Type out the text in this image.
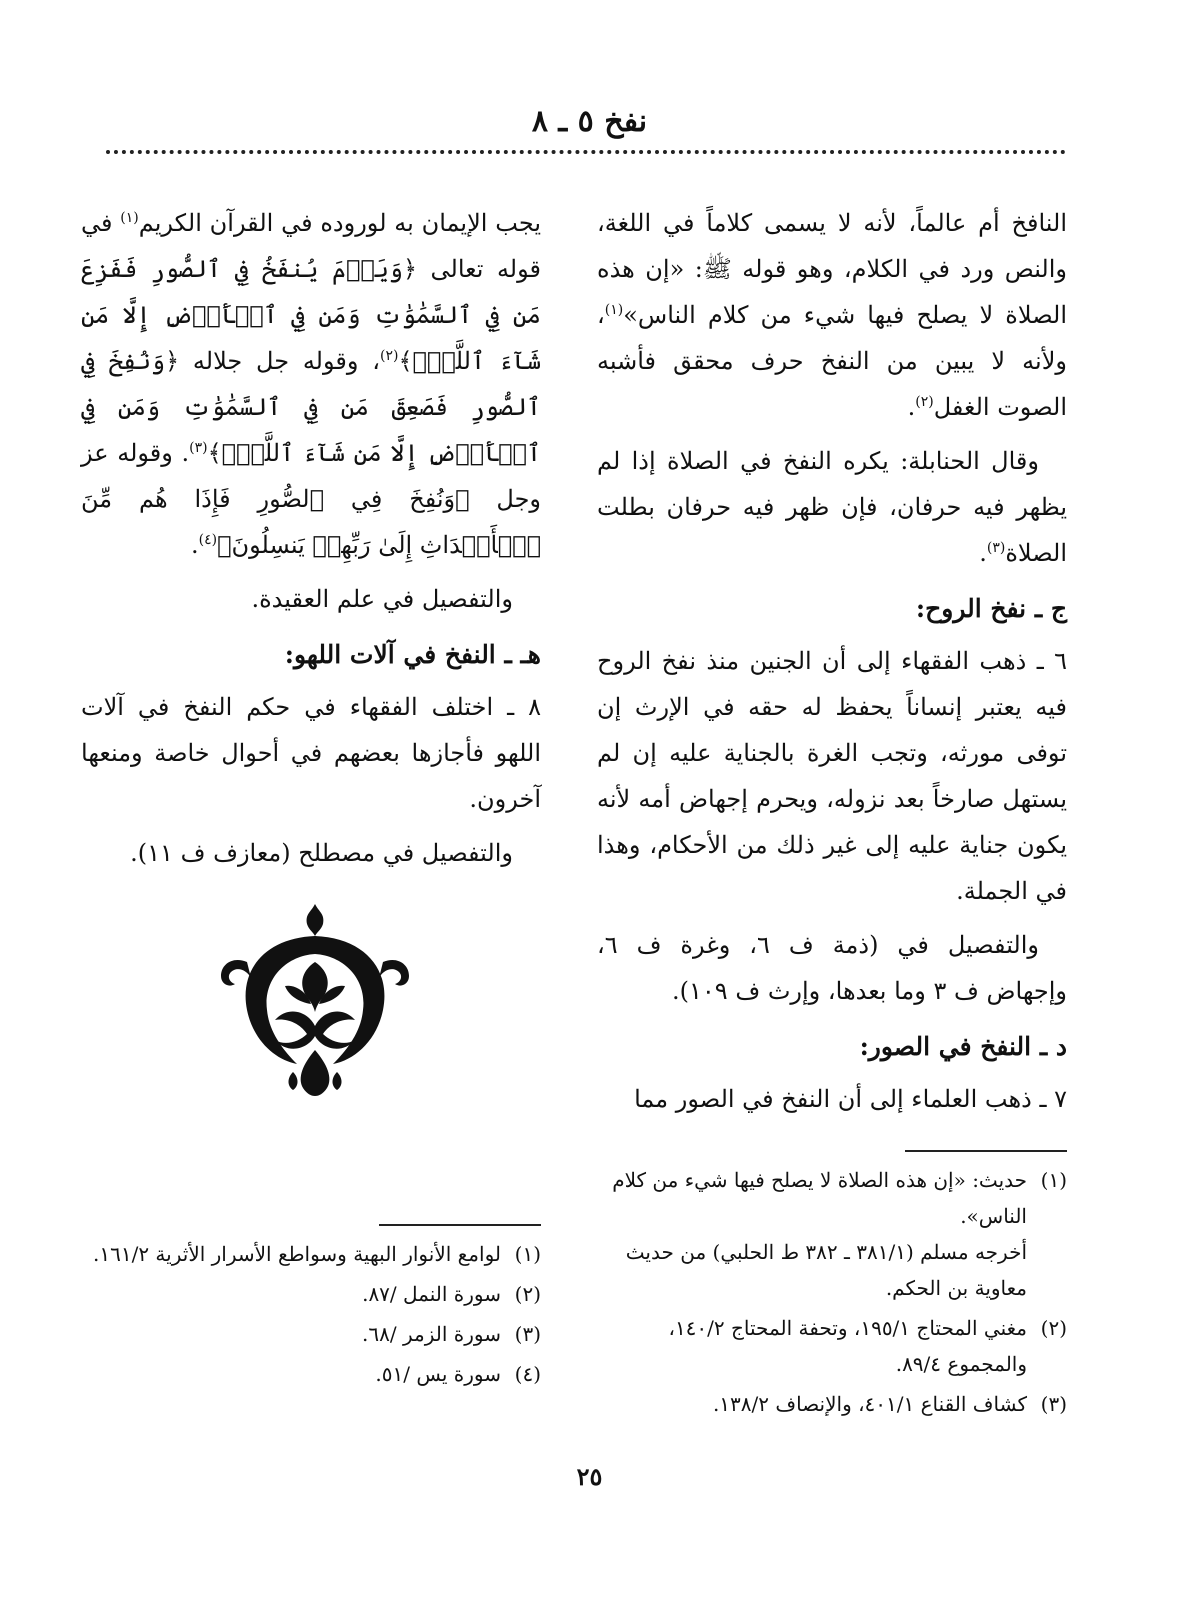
نفخ ٥ ـ ٨

النافخ أم عالماً، لأنه لا يسمى كلاماً في اللغة، والنص ورد في الكلام، وهو قوله ﷺ: «إن هذه الصلاة لا يصلح فيها شيء من كلام الناس»$^{(١)}$، ولأنه لا يبين من النفخ حرف محقق فأشبه الصوت الغفل$^{(٢)}$.

وقال الحنابلة: يكره النفخ في الصلاة إذا لم يظهر فيه حرفان، فإن ظهر فيه حرفان بطلت الصلاة$^{(٣)}$.

ج ـ نفخ الروح:

٦ ـ ذهب الفقهاء إلى أن الجنين منذ نفخ الروح فيه يعتبر إنساناً يحفظ له حقه في الإرث إن توفى مورثه، وتجب الغرة بالجناية عليه إن لم يستهل صارخاً بعد نزوله، ويحرم إجهاض أمه لأنه يكون جناية عليه إلى غير ذلك من الأحكام، وهذا في الجملة.

والتفصيل في (ذمة ف ٦، وغرة ف ٦، وإجهاض ف ٣ وما بعدها، وإرث ف ١٠٩).

د ـ النفخ في الصور:

٧ ـ ذهب العلماء إلى أن النفخ في الصور مما

يجب الإيمان به لوروده في القرآن الكريم$^{(١)}$ في قوله تعالى ﴿وَيَوۡمَ يُنفَخُ فِي ٱلصُّورِ فَفَزِعَ مَن فِي ٱلسَّمَٰوَٰتِ وَمَن فِي ٱلۡأَرۡضِ إِلَّا مَن شَآءَ ٱللَّهُۚ﴾$^{(٢)}$، وقوله جل جلاله ﴿وَنُفِخَ فِي ٱلصُّورِ فَصَعِقَ مَن فِي ٱلسَّمَٰوَٰتِ وَمَن فِي ٱلۡأَرۡضِ إِلَّا مَن شَآءَ ٱللَّهُۖ﴾$^{(٣)}$. وقوله عز وجل ﴿وَنُفِخَ فِي ٱلصُّورِ فَإِذَا هُم مِّنَ ٱلۡأَجۡدَاثِ إِلَىٰ رَبِّهِمۡ يَنسِلُونَ﴾$^{(٤)}$.

والتفصيل في علم العقيدة.

هـ ـ النفخ في آلات اللهو:

٨ ـ اختلف الفقهاء في حكم النفخ في آلات اللهو فأجازها بعضهم في أحوال خاصة ومنعها آخرون.

والتفصيل في مصطلح (معازف ف ١١).

(١)
حديث: «إن هذه الصلاة لا يصلح فيها شيء من كلام الناس».
أخرجه مسلم (٣٨١/١ ـ ٣٨٢ ط الحلبي) من حديث معاوية بن الحكم.
(٢)
مغني المحتاج ١٩٥/١، وتحفة المحتاج ١٤٠/٢، والمجموع ٨٩/٤.
(٣)
كشاف القناع ٤٠١/١، والإنصاف ١٣٨/٢.
(١)
لوامع الأنوار البهية وسواطع الأسرار الأثرية ١٦١/٢.
(٢)
سورة النمل /٨٧.
(٣)
سورة الزمر /٦٨.
(٤)
سورة يس /٥١.
٢٥
